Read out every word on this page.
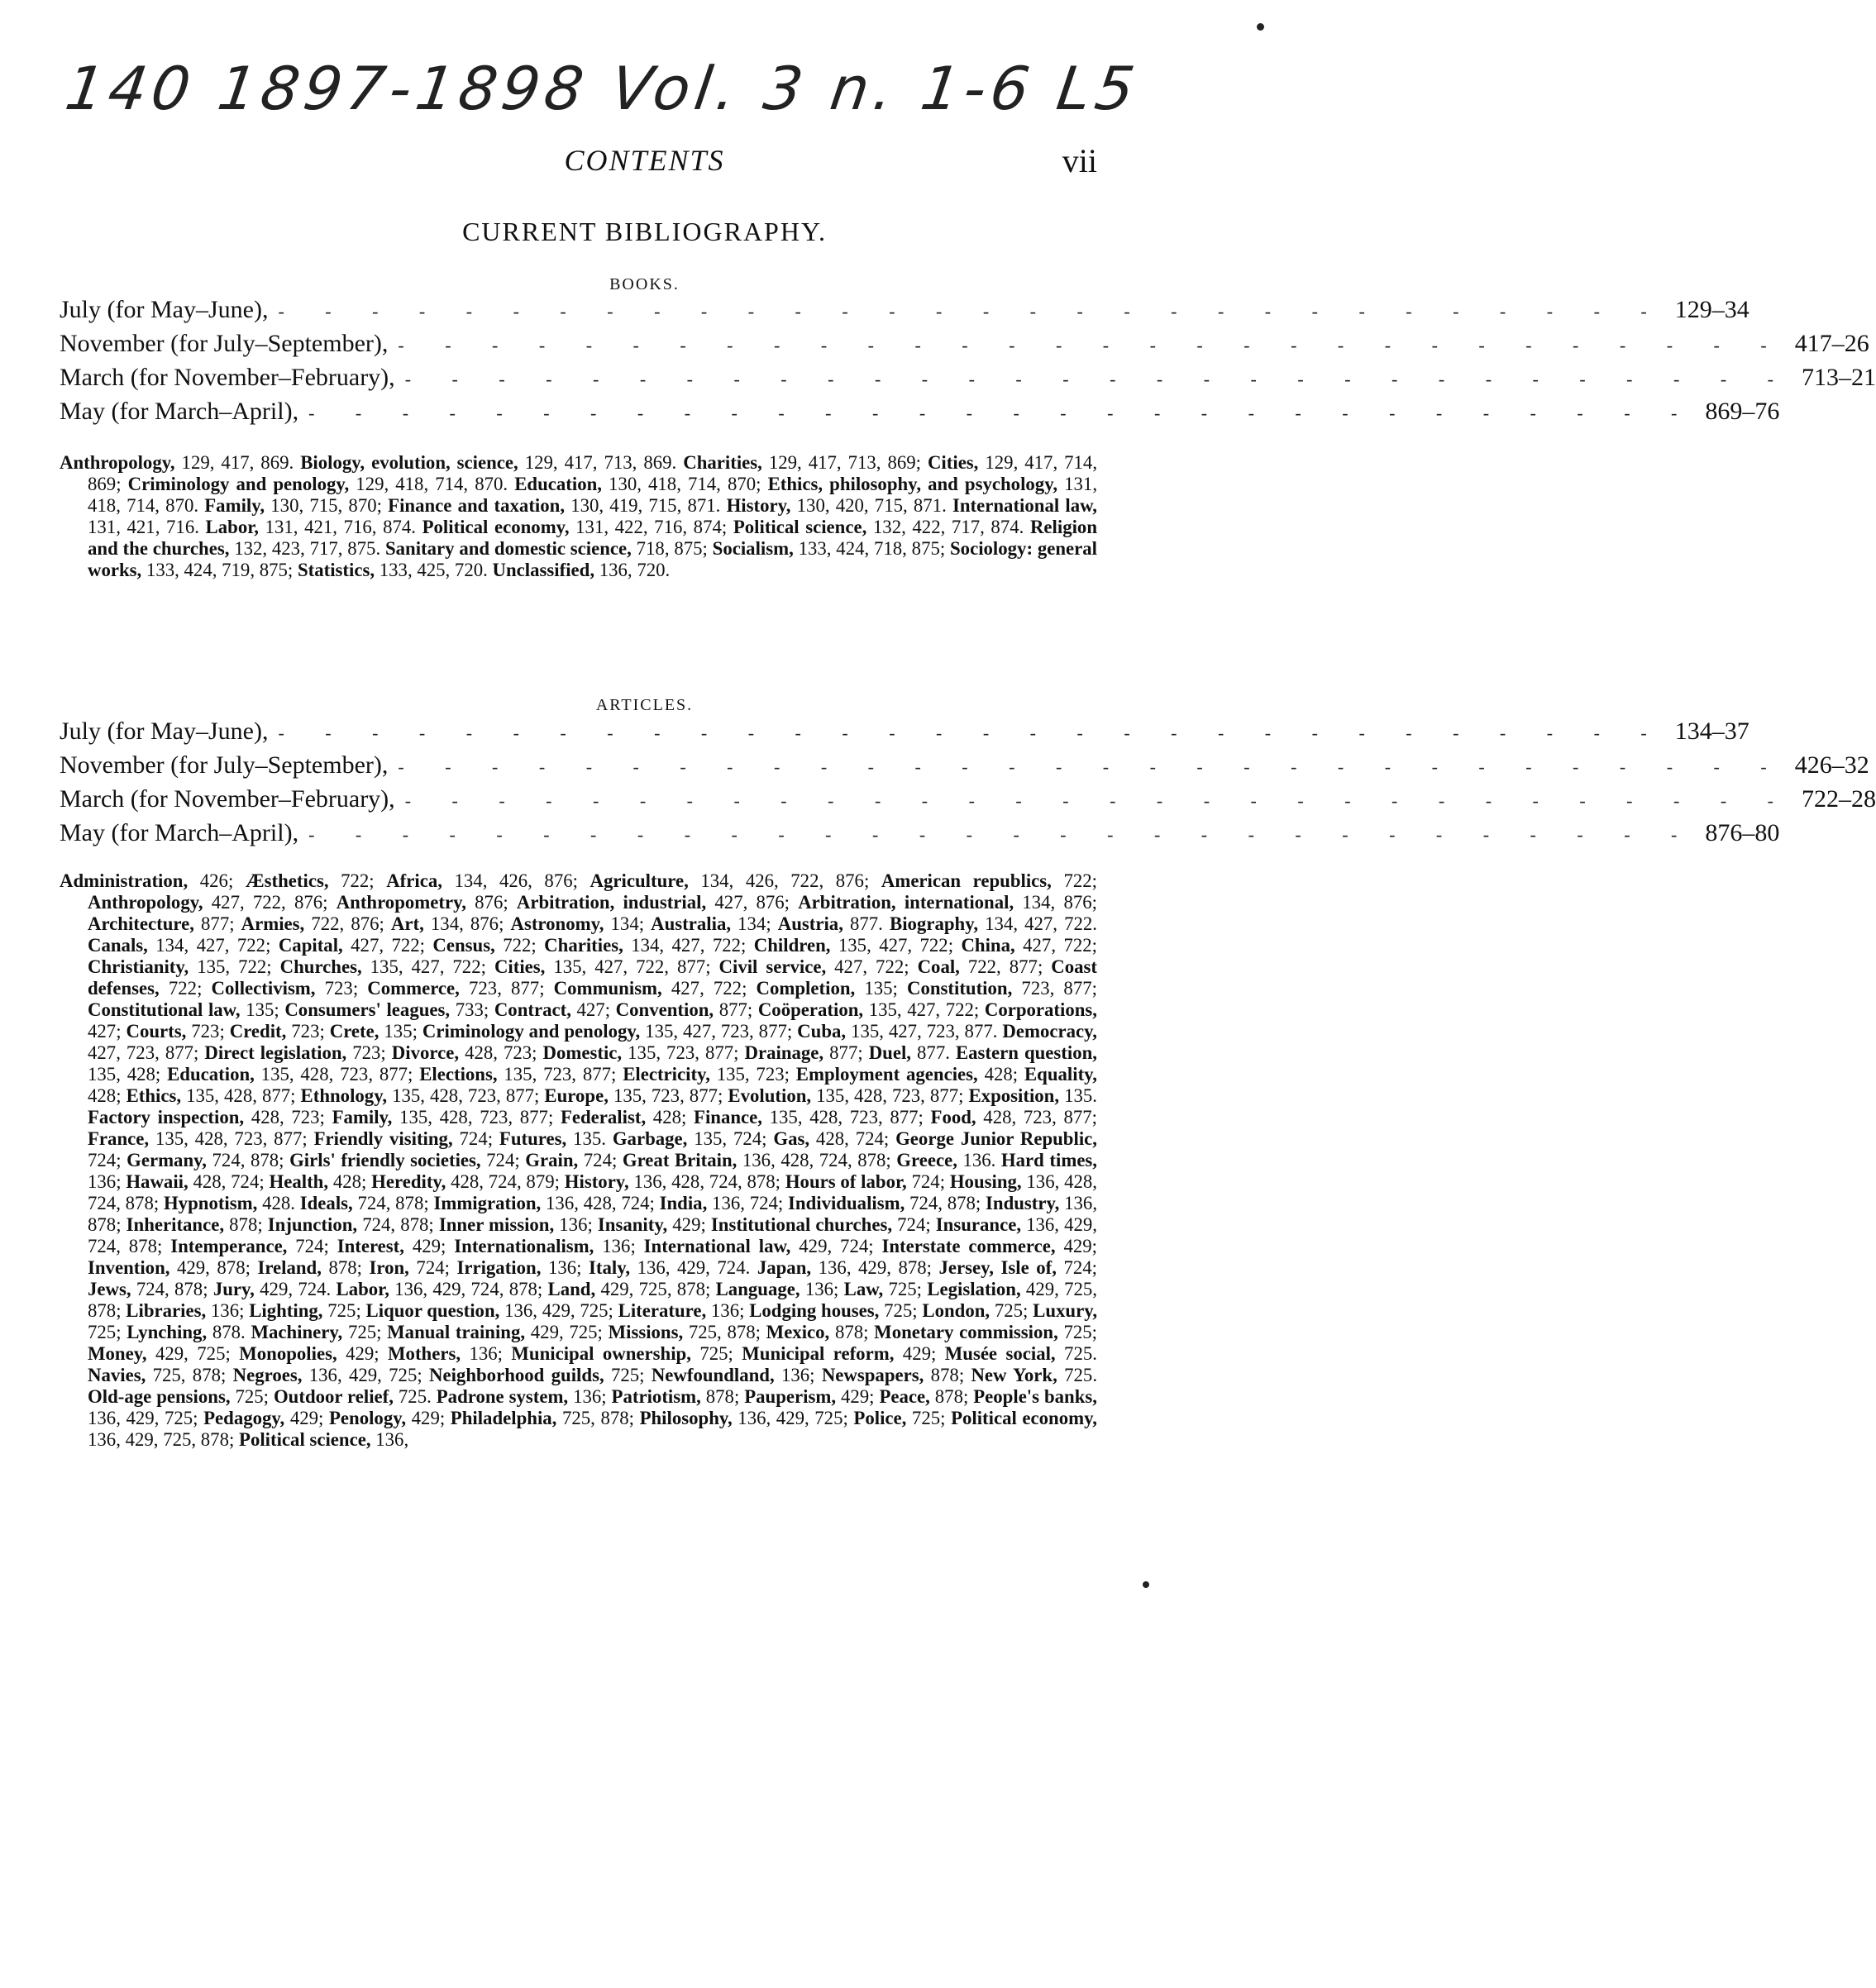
140 1897-1898 Vol. 3 n. 1-6 L5
CONTENTS	vii
CURRENT BIBLIOGRAPHY.
BOOKS.
July (for May–June), - - - - - - - - - - - - - - - - - - - - - - - - - - - - - - 129–34
November (for July–September), - - - - - - - - - - - - - - - - - - - - - - - - - - - - - - 417–26
March (for November–February), - - - - - - - - - - - - - - - - - - - - - - - - - - - - - - 713–21
May (for March–April), - - - - - - - - - - - - - - - - - - - - - - - - - - - - - - 869–76
Anthropology, 129, 417, 869. Biology, evolution, science, 129, 417, 713, 869. Charities, 129, 417, 713, 869; Cities, 129, 417, 714, 869; Criminology and penology, 129, 418, 714, 870. Education, 130, 418, 714, 870; Ethics, philosophy, and psychology, 131, 418, 714, 870. Family, 130, 715, 870; Finance and taxation, 130, 419, 715, 871. History, 130, 420, 715, 871. International law, 131, 421, 716. Labor, 131, 421, 716, 874. Political economy, 131, 422, 716, 874; Political science, 132, 422, 717, 874. Religion and the churches, 132, 423, 717, 875. Sanitary and domestic science, 718, 875; Socialism, 133, 424, 718, 875; Sociology: general works, 133, 424, 719, 875; Statistics, 133, 425, 720. Unclassified, 136, 720.
ARTICLES.
July (for May–June), - - - - - - - - - - - - - - - - - - - - - - - - - - - - - - 134–37
November (for July–September), - - - - - - - - - - - - - - - - - - - - - - - - - - - - - - 426–32
March (for November–February), - - - - - - - - - - - - - - - - - - - - - - - - - - - - - - 722–28
May (for March–April), - - - - - - - - - - - - - - - - - - - - - - - - - - - - - - 876–80
Administration, 426; Æsthetics, 722; Africa, 134, 426, 876; Agriculture, 134, 426, 722, 876; American republics, 722; Anthropology, 427, 722, 876; Anthropometry, 876; Arbitration, industrial, 427, 876; Arbitration, international, 134, 876; Architecture, 877; Armies, 722, 876; Art, 134, 876; Astronomy, 134; Australia, 134; Austria, 877. Biography, 134, 427, 722. Canals, 134, 427, 722; Capital, 427, 722; Census, 722; Charities, 134, 427, 722; Children, 135, 427, 722; China, 427, 722; Christianity, 135, 722; Churches, 135, 427, 722; Cities, 135, 427, 722, 877; Civil service, 427, 722; Coal, 722, 877; Coast defenses, 722; Collectivism, 723; Commerce, 723, 877; Communism, 427, 722; Completion, 135; Constitution, 723, 877; Constitutional law, 135; Consumers' leagues, 733; Contract, 427; Convention, 877; Coöperation, 135, 427, 722; Corporations, 427; Courts, 723; Credit, 723; Crete, 135; Criminology and penology, 135, 427, 723, 877; Cuba, 135, 427, 723, 877. Democracy, 427, 723, 877; Direct legislation, 723; Divorce, 428, 723; Domestic, 135, 723, 877; Drainage, 877; Duel, 877. Eastern question, 135, 428; Education, 135, 428, 723, 877; Elections, 135, 723, 877; Electricity, 135, 723; Employment agencies, 428; Equality, 428; Ethics, 135, 428, 877; Ethnology, 135, 428, 723, 877; Europe, 135, 723, 877; Evolution, 135, 428, 723, 877; Exposition, 135. Factory inspection, 428, 723; Family, 135, 428, 723, 877; Federalist, 428; Finance, 135, 428, 723, 877; Food, 428, 723, 877; France, 135, 428, 723, 877; Friendly visiting, 724; Futures, 135. Garbage, 135, 724; Gas, 428, 724; George Junior Republic, 724; Germany, 724, 878; Girls' friendly societies, 724; Grain, 724; Great Britain, 136, 428, 724, 878; Greece, 136. Hard times, 136; Hawaii, 428, 724; Health, 428; Heredity, 428, 724, 879; History, 136, 428, 724, 878; Hours of labor, 724; Housing, 136, 428, 724, 878; Hypnotism, 428. Ideals, 724, 878; Immigration, 136, 428, 724; India, 136, 724; Individualism, 724, 878; Industry, 136, 878; Inheritance, 878; Injunction, 724, 878; Inner mission, 136; Insanity, 429; Institutional churches, 724; Insurance, 136, 429, 724, 878; Intemperance, 724; Interest, 429; Internationalism, 136; International law, 429, 724; Interstate commerce, 429; Invention, 429, 878; Ireland, 878; Iron, 724; Irrigation, 136; Italy, 136, 429, 724. Japan, 136, 429, 878; Jersey, Isle of, 724; Jews, 724, 878; Jury, 429, 724. Labor, 136, 429, 724, 878; Land, 429, 725, 878; Language, 136; Law, 725; Legislation, 429, 725, 878; Libraries, 136; Lighting, 725; Liquor question, 136, 429, 725; Literature, 136; Lodging houses, 725; London, 725; Luxury, 725; Lynching, 878. Machinery, 725; Manual training, 429, 725; Missions, 725, 878; Mexico, 878; Monetary commission, 725; Money, 429, 725; Monopolies, 429; Mothers, 136; Municipal ownership, 725; Municipal reform, 429; Musée social, 725. Navies, 725, 878; Negroes, 136, 429, 725; Neighborhood guilds, 725; Newfoundland, 136; Newspapers, 878; New York, 725. Old-age pensions, 725; Outdoor relief, 725. Padrone system, 136; Patriotism, 878; Pauperism, 429; Peace, 878; People's banks, 136, 429, 725; Pedagogy, 429; Penology, 429; Philadelphia, 725, 878; Philosophy, 136, 429, 725; Police, 725; Political economy, 136, 429, 725, 878; Political science, 136,
